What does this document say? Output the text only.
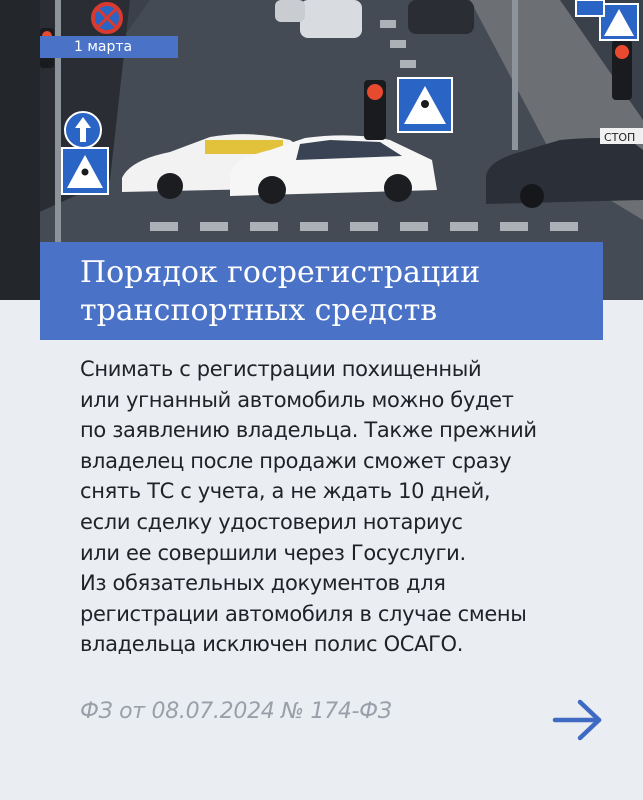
СТОП
1 марта
Порядок госрегистрации
транспортных средств
Снимать с регистрации похищенный
или угнанный автомобиль можно будет
по заявлению владельца. Также прежний
владелец после продажи сможет сразу
снять ТС с учета, а не ждать 10 дней,
если сделку удостоверил нотариус
или ее совершили через Госуслуги.
Из обязательных документов для
регистрации автомобиля в случае смены
владельца исключен полис ОСАГО.
ФЗ от 08.07.2024 № 174-ФЗ
